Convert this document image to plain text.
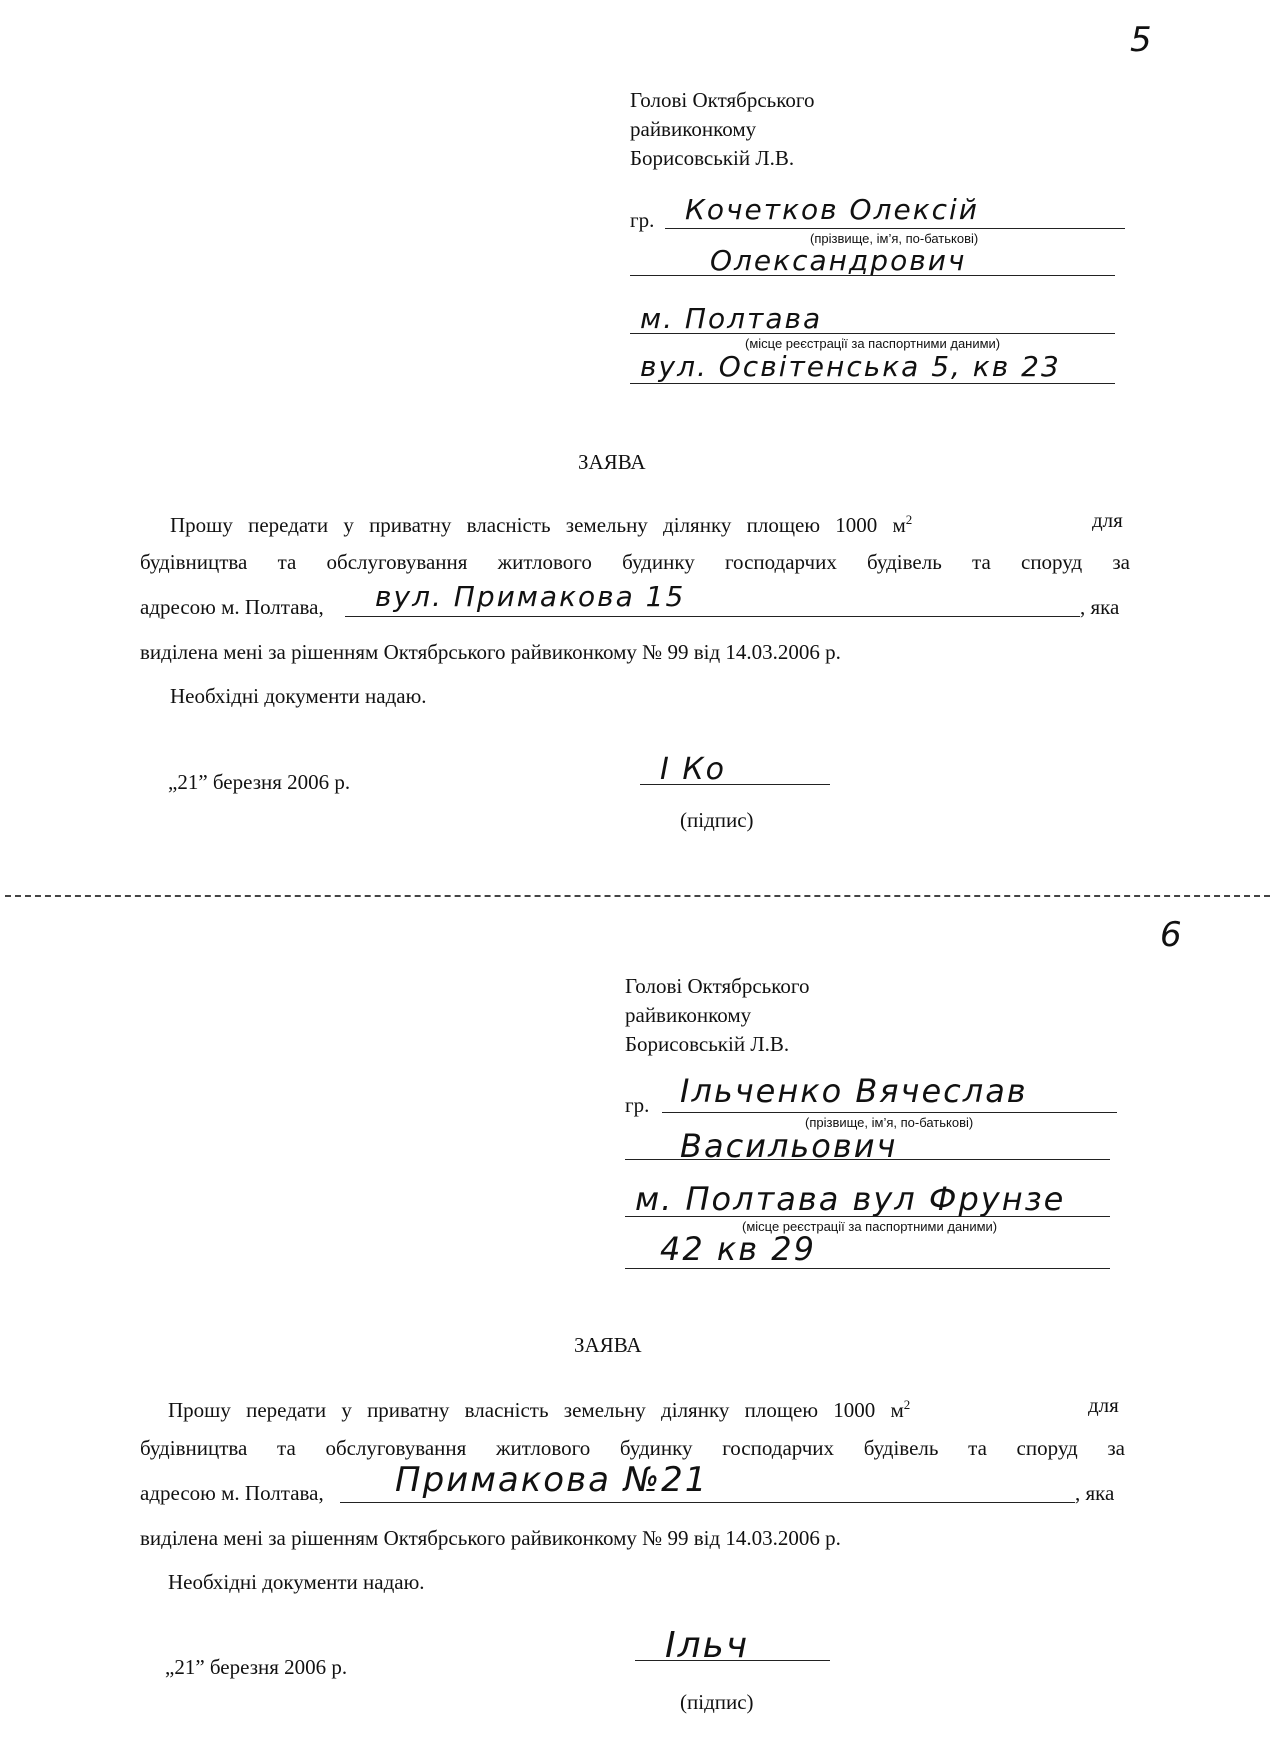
5
Голові Октябрського
райвиконкому
Борисовській Л.В.
гр. Кочетков Олексій
(прізвище, ім’я, по-батькові)
Олександрович
м. Полтава
(місце реєстрації за паспортними даними)
вул. Освітенська 5, кв 23
ЗАЯВА
Прошу передати у приватну власність земельну ділянку площею 1000 $м^2$	для
будівництва та обслуговування житлового будинку господарчих будівель та споруд за
адресою м. Полтава, вул. Примакова 15	, яка
виділена мені за рішенням Октябрського райвиконкому № 99 від 14.03.2006 р.
Необхідні документи надаю.
„21” березня 2006 р.	І Ко
(підпис)
6
Голові Октябрського
райвиконкому
Борисовській Л.В.
гр. Ільченко Вячеслав
(прізвище, ім’я, по-батькові)
Васильович
м. Полтава вул Фрунзе
(місце реєстрації за паспортними даними)
42 кв 29
ЗАЯВА
Прошу передати у приватну власність земельну ділянку площею 1000 $м^2$	для
будівництва та обслуговування житлового будинку господарчих будівель та споруд за
адресою м. Полтава, Примакова №21	, яка
виділена мені за рішенням Октябрського райвиконкому № 99 від 14.03.2006 р.
Необхідні документи надаю.
„21” березня 2006 р.
Ільч
(підпис)
